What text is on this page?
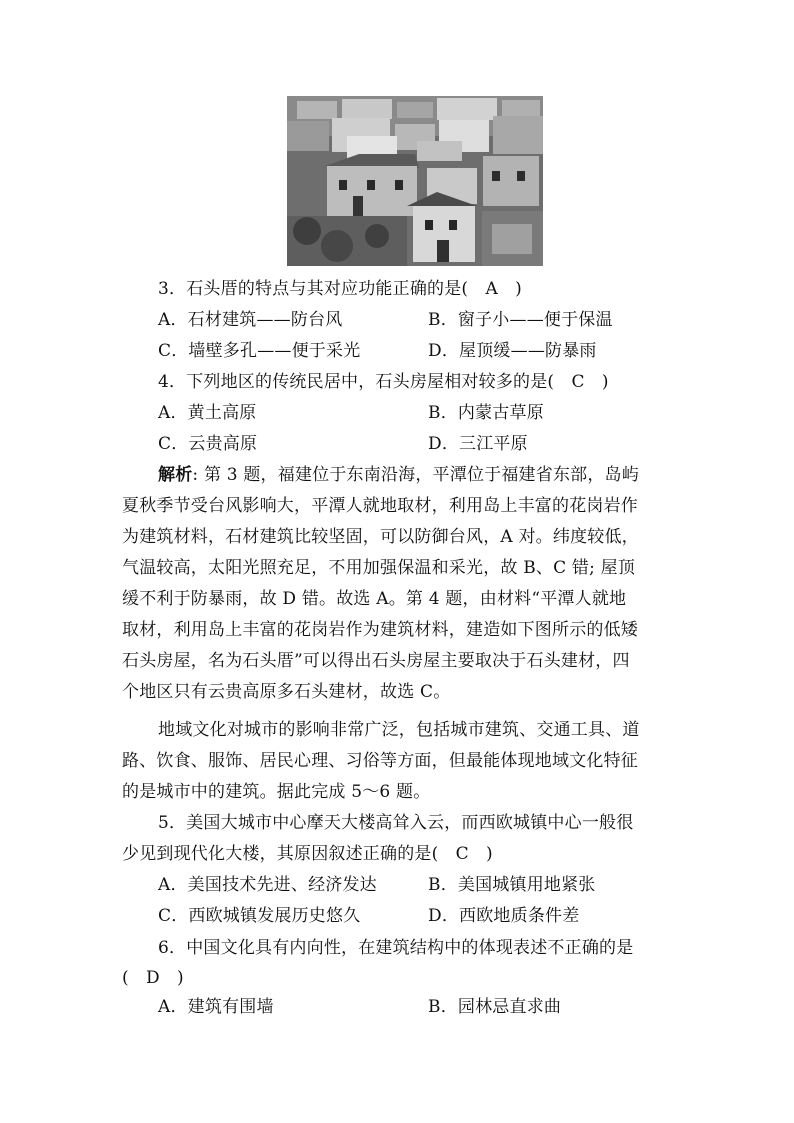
3．石头厝的特点与其对应功能正确的是(　A　)
A．石材建筑——防台风	B．窗子小——便于保温
C．墙壁多孔——便于采光	D．屋顶缓——防暴雨
4．下列地区的传统民居中，石头房屋相对较多的是(　C　)
A．黄土高原	B．内蒙古草原
C．云贵高原	D．三江平原
解析: 第 3 题，福建位于东南沿海，平潭位于福建省东部，岛屿
夏秋季节受台风影响大，平潭人就地取材，利用岛上丰富的花岗岩作
为建筑材料，石材建筑比较坚固，可以防御台风，A 对。纬度较低，
气温较高，太阳光照充足，不用加强保温和采光，故 B、C 错; 屋顶
缓不利于防暴雨，故 D 错。故选 A。第 4 题，由材料“平潭人就地
取材，利用岛上丰富的花岗岩作为建筑材料，建造如下图所示的低矮
石头房屋，名为石头厝”可以得出石头房屋主要取决于石头建材，四
个地区只有云贵高原多石头建材，故选 C。
地域文化对城市的影响非常广泛，包括城市建筑、交通工具、道
路、饮食、服饰、居民心理、习俗等方面，但最能体现地域文化特征
的是城市中的建筑。据此完成 5～6 题。
5．美国大城市中心摩天大楼高耸入云，而西欧城镇中心一般很
少见到现代化大楼，其原因叙述正确的是(　C　)
A．美国技术先进、经济发达	B．美国城镇用地紧张
C．西欧城镇发展历史悠久	D．西欧地质条件差
6．中国文化具有内向性，在建筑结构中的体现表述不正确的是
(　D　)
A．建筑有围墙	B．园林忌直求曲
